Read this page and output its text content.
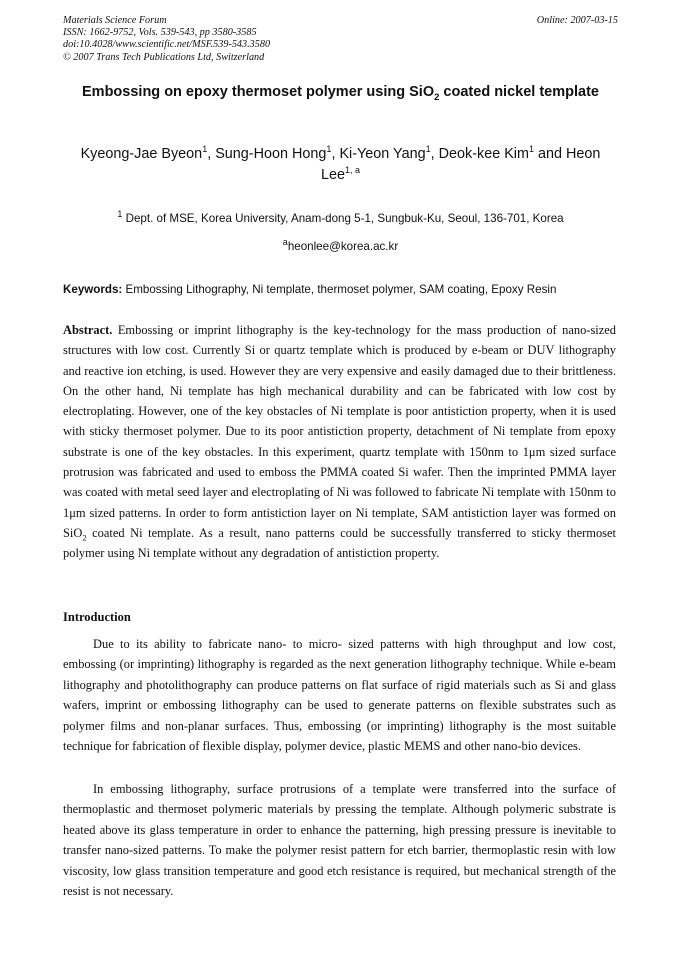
Materials Science Forum
ISSN: 1662-9752, Vols. 539-543, pp 3580-3585
doi:10.4028/www.scientific.net/MSF.539-543.3580
© 2007 Trans Tech Publications Ltd, Switzerland
Online: 2007-03-15
Embossing on epoxy thermoset polymer using SiO$_2$ coated nickel template
Kyeong-Jae Byeon$^1$, Sung-Hoon Hong$^1$, Ki-Yeon Yang$^1$, Deok-kee Kim$^1$ and Heon Lee$^{1, a}$
$^1$ Dept. of MSE, Korea University, Anam-dong 5-1, Sungbuk-Ku, Seoul, 136-701, Korea
$^a$heonlee@korea.ac.kr
Keywords: Embossing Lithography, Ni template, thermoset polymer, SAM coating, Epoxy Resin

Abstract. Embossing or imprint lithography is the key-technology for the mass production of nano-sized structures with low cost. Currently Si or quartz template which is produced by e-beam or DUV lithography and reactive ion etching, is used. However they are very expensive and easily damaged due to their brittleness. On the other hand, Ni template has high mechanical durability and can be fabricated with low cost by electroplating. However, one of the key obstacles of Ni template is poor antistiction property, when it is used with sticky thermoset polymer. Due to its poor antistiction property, detachment of Ni template from epoxy substrate is one of the key obstacles. In this experiment, quartz template with 150nm to 1μm sized surface protrusion was fabricated and used to emboss the PMMA coated Si wafer. Then the imprinted PMMA layer was coated with metal seed layer and electroplating of Ni was followed to fabricate Ni template with 150nm to 1μm sized patterns. In order to form antistiction layer on Ni template, SAM antistiction layer was formed on SiO$_2$ coated Ni template. As a result, nano patterns could be successfully transferred to sticky thermoset polymer using Ni template without any degradation of antistiction property.

Introduction

Due to its ability to fabricate nano- to micro- sized patterns with high throughput and low cost, embossing (or imprinting) lithography is regarded as the next generation lithography technique. While e-beam lithography and photolithography can produce patterns on flat surface of rigid materials such as Si and glass wafers, imprint or embossing lithography can be used to generate patterns on flexible substrates such as polymer films and non-planar surfaces. Thus, embossing (or imprinting) lithography is the most suitable technique for fabrication of flexible display, polymer device, plastic MEMS and other nano-bio devices.

In embossing lithography, surface protrusions of a template were transferred into the surface of thermoplastic and thermoset polymeric materials by pressing the template. Although polymeric substrate is heated above its glass temperature in order to enhance the patterning, high pressing pressure is inevitable to transfer nano-sized patterns. To make the polymer resist pattern for etch barrier, thermoplastic resin with low viscosity, low glass transition temperature and good etch resistance is required, but mechanical strength of the resist is not necessary.
